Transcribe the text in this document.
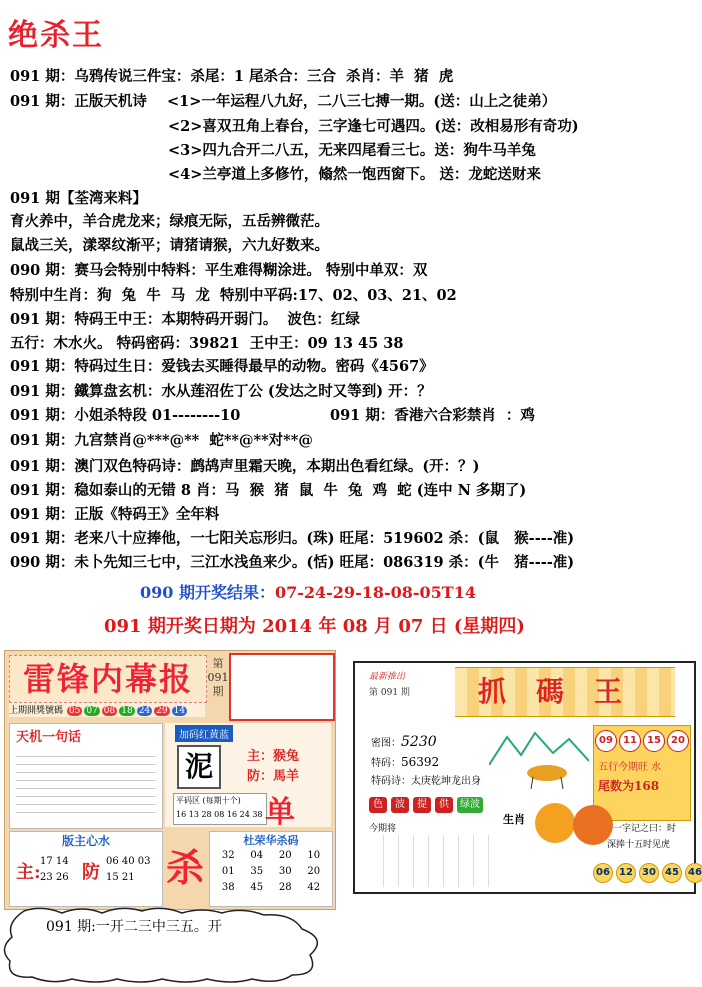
绝杀王
091 期：乌鸦传说三件宝：杀尾：1 尾杀合：三合  杀肖：羊  猪  虎
091 期：正版天机诗    <1>一年运程八九好，二八三七搏一期。(送：山上之徒弟）
<2>喜双丑角上春台，三字逢七可遇四。(送：改相易形有奇功)
<3>四九合开二八五，无来四尾看三七。送：狗牛马羊兔
<4>兰亭道上多修竹，翛然一饱西窗下。 送：龙蛇送财来
091 期【荃湾来料】
育火养中，羊合虎龙来；绿痕无际，五岳辨微茫。
鼠战三关，漾翠纹渐平；请猪请猴，六九好数来。
090 期：赛马会特别中特料：平生难得糊涂进。 特别中单双：双
特别中生肖：狗  兔  牛  马  龙  特别中平码:17、02、03、21、02
091 期：特码王中王：本期特码开弱门。  波色：红绿
五行：木水火。 特码密码：39821  王中王：09 13 45 38
091 期：特码过生日：爱钱去买睡得最早的动物。密码《4567》
091 期：鐵算盘玄机：水从莲沼佐丁公 (发达之时又等到) 开：？
091 期：小姐杀特段 01--------10	091 期：香港六合彩禁肖  ：鸡
091 期：九宫禁肖@***@**  蛇**@**对**@
091 期：澳门双色特码诗：鹧鸪声里霜天晚，本期出色看红绿。(开：？)
091 期：稳如泰山的无错 8 肖：马  猴  猪  鼠  牛  兔  鸡  蛇 (连中 N 多期了)
091 期：正版《特码王》全年料
091 期：老来八十应捧他，一七阳关忘形归。(珠) 旺尾：519602 杀：(鼠   猴----准)
090 期：未卜先知三七中，三江水浅鱼来少。(恬) 旺尾：086319 杀：(牛   猪----准)
090 期开奖结果：07-24-29-18-08-05T14
091 期开奖日期为 2014 年 08 月 07 日 (星期四)
雷锋内幕报	第
091
期
上期開獎號碼 05 07 08 18 24 29 14
天机一句话	加码红黄蓝
泥	主：猴兔
防：馬羊
平码区 (每期十个)
16 13 28 08 16 24 38 单
版主心水
主:
17 14 23 26 防
06 40 03 15 21 杀
杜荣华杀码
32	04	20	10
01	35	30	20
38	45	28	42
最新推出
第 091 期	抓碼王
密图：5230
特码：56392
特码诗：太庚乾坤龙出身
09	11	15	20
五行今期旺 水
尾数为168
色	波	提	供	绿波
今期将
生肖
一字记之曰：时
深捧十五时见虎
06 12 30 45 46
091 期:一开二三中三五。开
